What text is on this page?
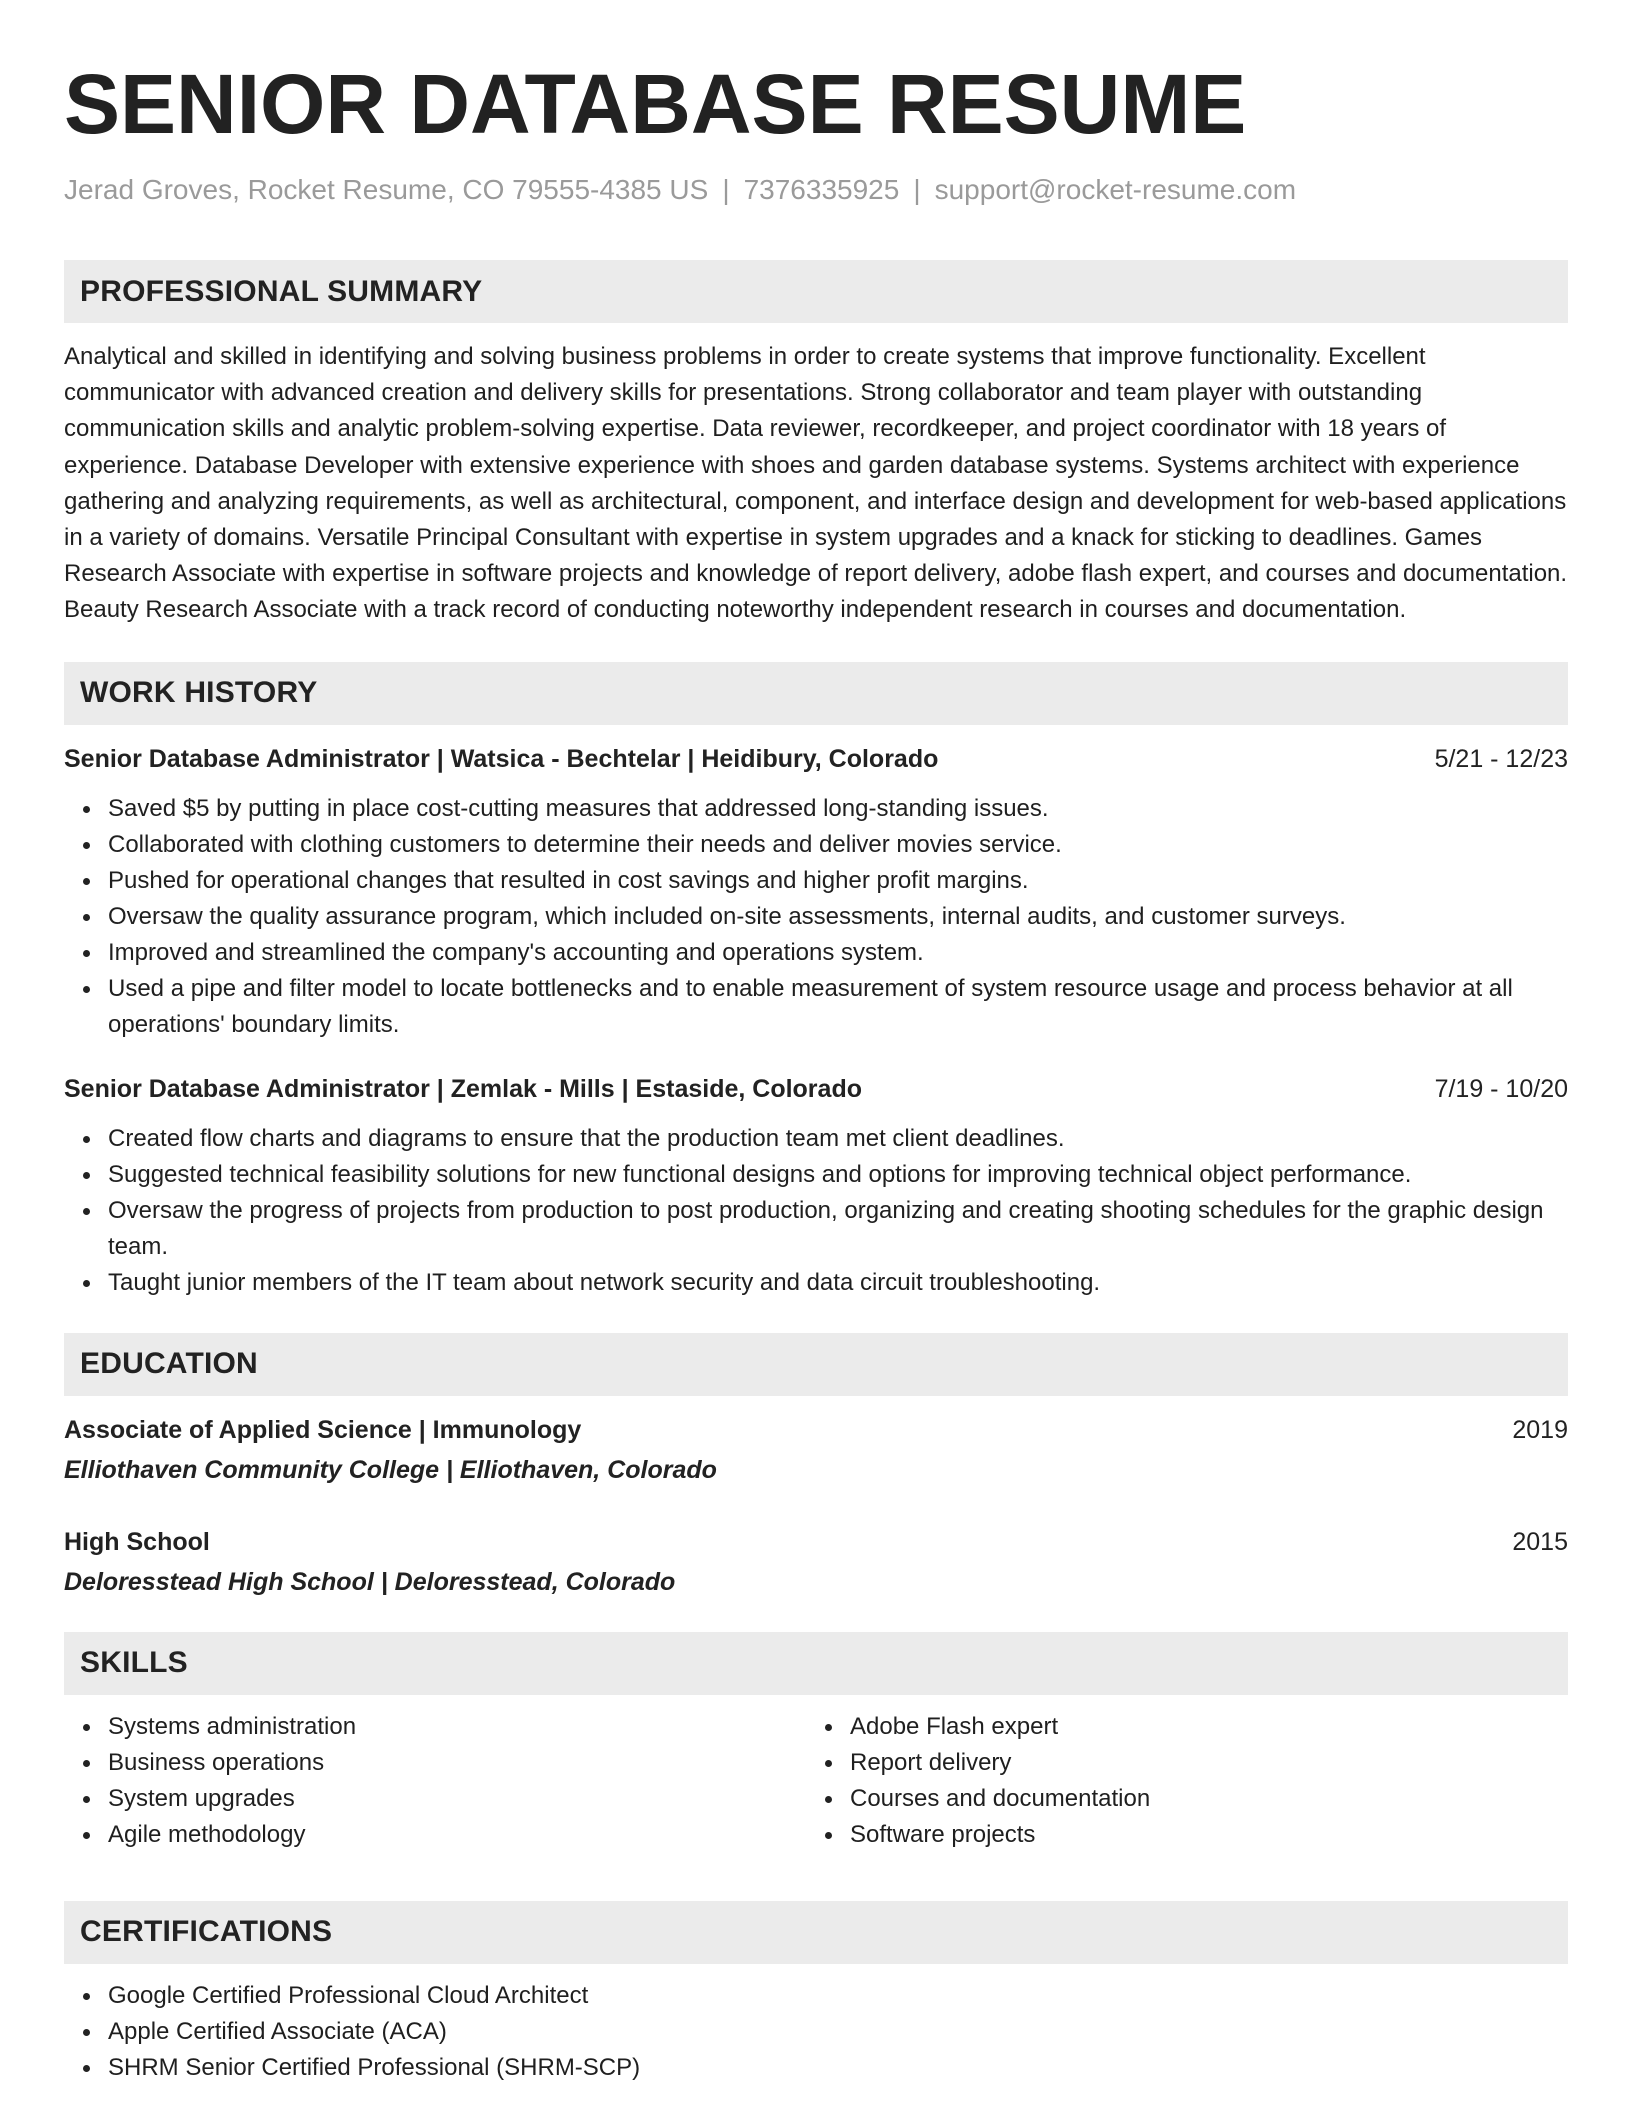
SENIOR DATABASE RESUME
Jerad Groves, Rocket Resume, CO 79555-4385 US | 7376335925 | support@rocket-resume.com
PROFESSIONAL SUMMARY

Analytical and skilled in identifying and solving business problems in order to create systems that improve functionality. Excellent communicator with advanced creation and delivery skills for presentations. Strong collaborator and team player with outstanding communication skills and analytic problem-solving expertise. Data reviewer, recordkeeper, and project coordinator with 18 years of experience. Database Developer with extensive experience with shoes and garden database systems. Systems architect with experience gathering and analyzing requirements, as well as architectural, component, and interface design and development for web-based applications in a variety of domains. Versatile Principal Consultant with expertise in system upgrades and a knack for sticking to deadlines. Games Research Associate with expertise in software projects and knowledge of report delivery, adobe flash expert, and courses and documentation. Beauty Research Associate with a track record of conducting noteworthy independent research in courses and documentation.

WORK HISTORY
Senior Database Administrator | Watsica - Bechtelar | Heidibury, Colorado	5/21 - 12/23
Saved $5 by putting in place cost-cutting measures that addressed long-standing issues.
Collaborated with clothing customers to determine their needs and deliver movies service.
Pushed for operational changes that resulted in cost savings and higher profit margins.
Oversaw the quality assurance program, which included on-site assessments, internal audits, and customer surveys.
Improved and streamlined the company's accounting and operations system.
Used a pipe and filter model to locate bottlenecks and to enable measurement of system resource usage and process behavior at all operations' boundary limits.
Senior Database Administrator | Zemlak - Mills | Estaside, Colorado	7/19 - 10/20
Created flow charts and diagrams to ensure that the production team met client deadlines.
Suggested technical feasibility solutions for new functional designs and options for improving technical object performance.
Oversaw the progress of projects from production to post production, organizing and creating shooting schedules for the graphic design team.
Taught junior members of the IT team about network security and data circuit troubleshooting.
EDUCATION
Associate of Applied Science | Immunology	2019
Elliothaven Community College | Elliothaven, Colorado
High School	2015
Deloresstead High School | Deloresstead, Colorado
SKILLS
Systems administration
Business operations
System upgrades
Agile methodology
Adobe Flash expert
Report delivery
Courses and documentation
Software projects
CERTIFICATIONS
Google Certified Professional Cloud Architect
Apple Certified Associate (ACA)
SHRM Senior Certified Professional (SHRM-SCP)
